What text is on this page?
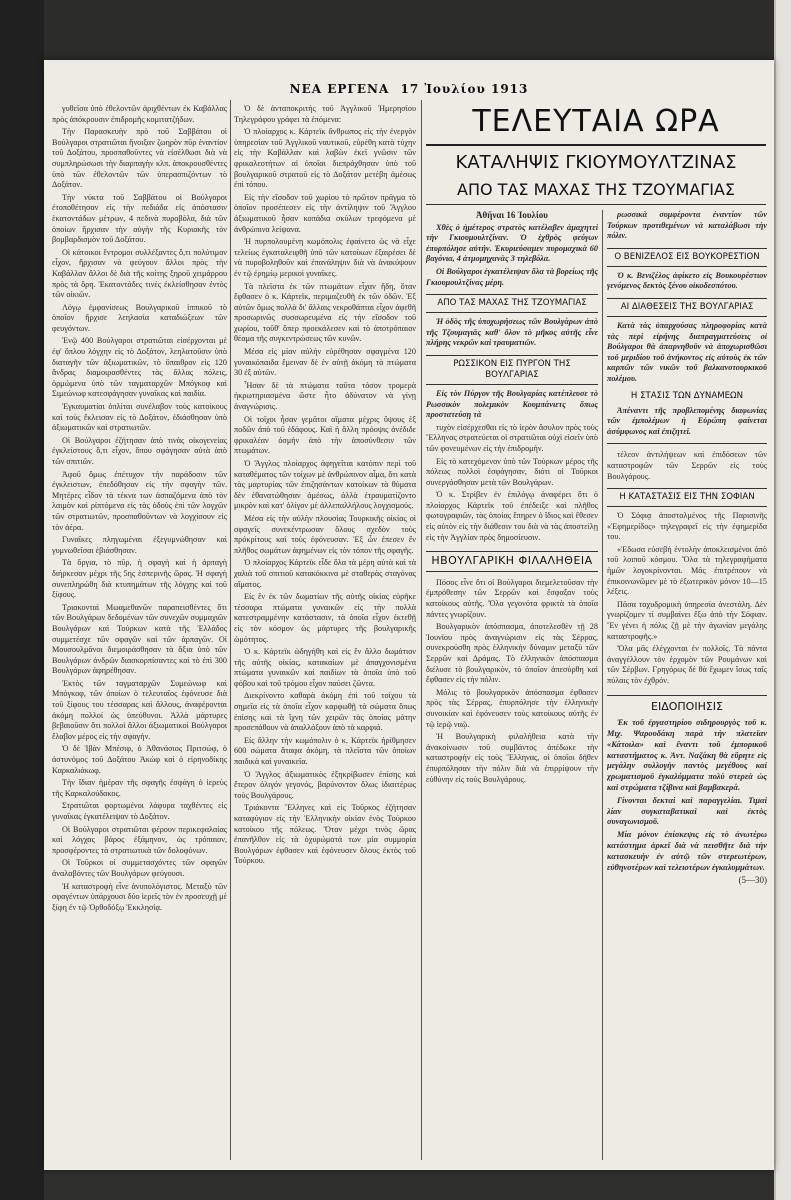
ΝΕΑ ΕΡΓΕΝΑ 17 Ἰουλίου 1913

γυθεῖσα ὑπὸ ἐθελοντῶν ἀριχθέντων ἐκ Καβάλλας πρὸς ἀπόκρουσιν ἐπιδρομῆς κομιτατζήδων.

Τὴν Παρασκευὴν πρὸ τοῦ Σαββάτου οἱ Βούλγαροι στρατιῶται ἤνοιξαν ζωηρὸν πῦρ ἐναντίον τοῦ Δοξάτου, προσπαθοῦντες νὰ εἰσέλθωσι διὰ νὰ συμπληρώσωσι τὴν διαρπαγὴν κλπ. ἀποκρουσθέντες ὑπὸ τῶν ἐθελοντῶν τῶν ὑπερασπιζόντων τὸ Δοξάτον.

Τὴν νύκτα τοῦ Σαββάτου οἱ Βούλγαροι ἐτοποθέτησαν εἰς τὴν πεδιάδα εἰς ἀπόστασιν ἑκατοντάδων μέτρων, 4 πεδινὰ πυροβόλα, διὰ τῶν ὁποίων ἤρχισαν τὴν αὐγὴν τῆς Κυριακῆς τὸν βομβαρδισμὸν τοῦ Δοξάτου.

Οἱ κάτοικοι ἔντρομοι συλλέξαντες ὅ,τι πολύτιμον εἶχον, ἤρχισαν νὰ φεύγουν ἄλλοι πρὸς τὴν Καβάλλαν ἄλλοι δὲ διὰ τῆς κοίτης ξηροῦ χειμάρρου πρὸς τὰ ὄρη. Ἑκατοντάδες τινὲς ἐκλείσθησαν ἐντὸς τῶν οἰκιῶν.

Λόγῳ ἐμφανίσεως Βουλγαρικοῦ ἱππικοῦ τὸ ὁποῖον ἤρχισε λεηλασία καταδιώξεων τῶν φευγόντων.

Ἐνῷ 400 Βούλγαροι στρατιῶται εἰσέρχονται μὲ ἐφ' ὅπλου λόγχην εἰς τὸ Δοξάτον, λεηλατοῦσιν ὑπὸ διαταγῆν τῶν ἀξιωματικῶν, τὸ ὕπαιθρον εἰς 120 ἄνδρας διαμοιρασθέντες τὰς ἄλλας πόλεις, ὁρμώμενα ὑπὸ τῶν ταγματαρχῶν Μπόγκοφ καὶ Σιμεώνωφ κατεσφάγησαν γυναῖκας καὶ παιδία.

Ἐγκαυματίαι ὁπλίται συνέλαβον τοὺς κατοίκους καὶ τοὺς ἔκλεισαν εἰς τὸ Δοξάτον, ἐδιάσθησαν ὑπὸ ἀξιωματικῶν καὶ στρατιωτῶν.

Οἱ Βούλγαροι ἐζήτησαν ἀπὸ τινὰς οἰκογενείας ἐγκλείστους ὅ,τι εἶχον, ὅπου σφάγησαν αὐτὰ ἀπὸ τῶν σπιτιῶν.

Ἀφοῦ ὅμως ἐπέτυχον τὴν παράδοσιν τῶν ἐγκλειστων, ἐπεδόθησαν εἰς τὴν σφαγὴν τῶν. Μητέρες εἶδον τὰ τέκνα των ἀσπαζόμενα ἀπὸ τὸν λαιμὸν καὶ ρίπτόμενα εἰς τὰς ὁδοὺς ἐπὶ τῶν λογχῶν τῶν στρατιωτῶν, προσπαθοῦντων νὰ λογχίσουν εἰς τὸν ἀέρα.

Γυναῖκες πληγωμέναι ἐξεγυμνώθησαν καὶ γυμνωθεῖσαι ἐβιάσθησαν.

Τὰ ὄργια, τὸ πῦρ, ἡ σφαγὴ καὶ ἡ ἁρπαγὴ διήρκεσαν μέχρι τῆς 5ης ἑσπερινῆς ὥρας. Ἡ σφαγὴ συνεπληρώθη διὰ κτυπημάτων τῆς λόγχης καὶ τοῦ ξίφους.

Τριακονταὶ Μωαμεθανῶν παραπεισθέντες ὅτι τῶν Βουλγάρων δεδομένων τῶν συνεχῶν συμμαχιῶν Βουλγάρων καὶ Τούρκων κατὰ τῆς Ἑλλάδος συμμετέσχε τῶν σφαγῶν καὶ τῶν ἁρπαγῶν. Οἱ Μουσουλμᾶνοι διεμοιράσθησαν τὰ ἄξια ὑπὸ τῶν Βουλγάρων ἀνδρῶν διασκορπίσαντες καὶ τὸ ἐπὶ 300 Βουλγάρων ἀφηρέθησαν.

Ἐκτὸς τῶν ταγματαρχῶν Συμεώνωφ καὶ Μπόγκοφ, τῶν ὁποίων ὁ τελευταῖος ἐφόνευσε διὰ τοῦ ξίφους του τέσσαρας καὶ ἄλλους, ἀναφέρονται ἀκόμη πολλοί ὡς ὑπεύθυνοι. Ἀλλὰ μάρτυρες βεβαιοῦσιν ὅτι πολλοὶ ἄλλοι ἀξιωματικοὶ Βούλγαροι ἔλαβον μέρος εἰς τὴν σφαγήν.

Ὁ δὲ Ἰβὰν Μπέσιφ, ὁ Ἀθανάσιος Πριτσώφ, ὁ ἀστυνόμος τοῦ Δοξάτου Ἀκώφ καὶ ὁ εἰρηνοδίκης Καρκαλιάκωφ.

Τὴν ἴδιαν ἡμέραν τῆς σφαγῆς ἐσφάγη ὁ ἱερεὺς τῆς Καρκαλούδακος.

Στρατιῶται φορτωμένοι λάφυρα ταχθέντες εἰς γυναῖκας ἐγκατέλειψαν τὸ Δοξάτον.

Οἱ Βούλγαροι στρατιῶται φέρουν περικεφαλαίας καὶ λόγχας βάρος ἐξάμηνον, ὡς τρόπαιον, προσφέροντες τὰ στρατιωτικὰ τῶν δολοφόνων.

Οἱ Τοῦρκοι οἱ συμμετασχόντες τῶν σφαγῶν ἀναλαβόντες τῶν Βουλγάρων φεύγουσι.

Ἡ καταστροφὴ εἶνε ἀνυπολόγιστος. Μεταξὺ τῶν σφαγέντων ὑπάρχουσι δύο ἱερεῖς τὸν ἐν προσευχῇ μὲ ξίφη ἐν τῷ Ὀρθοδόξῳ Ἐκκλησίᾳ.

Ὁ δὲ ἀνταποκριτὴς τοῦ Ἀγγλικοῦ Ἡμερησίου Τηλεγράφου γράφει τὰ ἑπόμενα:

Ὁ πλοίαρχος κ. Κάρτεϊκ ἄνθρωπος εἰς τὴν ἐνεργὸν ὑπηρεσίαν τοῦ Ἀγγλικοῦ ναυτικοῦ, εὑρέθη κατὰ τύχην εἰς τὴν Καβάλλαν καὶ λαβὼν ἐκεῖ γνῶσιν τῶν φρικαλεοτήτων αἱ ὁποῖαι διεπράχθησαν ὑπὸ τοῦ βουλγαρικοῦ στρατοῦ εἰς τὸ Δοξάτον μετέβη ἀμέσως ἐπὶ τόπου.

Εἰς τὴν εἴσοδον τοῦ χωρίου τὸ πρῶτον πρᾶγμα τὸ ὁποῖον προσέπεσεν εἰς τὴν ἀντίληψιν τοῦ Ἄγγλου ἀξιωματικοῦ ἦσαν κοπάδια σκύλων τρεφόμενα μὲ ἀνθρώπινα λείψανα.

Ἡ πυρπολουμένη κωμόπολις ἐφαίνετο ὡς νὰ εἶχε τελείως ἐγκαταλειφθῆ ὑπὸ τῶν κατοίκων ἐξαιρέσει δὲ νὰ πυροβοληθοῦν καὶ ἐπανάληψιν διὰ νὰ ἀνακύψουν ἐν τῷ ἐρημίῳ μερικοὶ γυναῖκες.

Τὰ πλεῖστα ἐκ τῶν πτωμάτων εἶχαν ἤδη, ὅταν ἔφθασεν ὁ κ. Κάρτεϊκ, περιμαζευθῆ ἐκ τῶν ὁδῶν. Ἐξ αὐτῶν ὅμως πολλὰ δι' ἄλλαις νεκροθάπται εἶχον ἀφεθῆ προσωρινῶς συσσωρευμένα εἰς τὴν εἴσοδον τοῦ χωρίου, τοῦθ' ὅπερ προεκάλεσεν καὶ τὸ ἀποτρόπαιον θέαμα τῆς συγκεντρώσεως τῶν κυνῶν.

Μέσα εἰς μίαν αὐλὴν εὑρέθησαν σφαγμένα 120 γυναικόπαιδα ἔμειναν δὲ ἐν αὐτῇ ἀκόμη τὰ πτώματα 30 ἐξ αὐτῶν.

Ἦσαν δὲ τὰ πτώματα ταῦτα τόσον τρομερὰ ἠκρωτηριασμένα ὥστε ἦτο ἀδύνατον νὰ γίνῃ ἀναγνώρισις.

Οἱ τοῖχοι ἦσαν γεμᾶτοι αἵματα μέχρις ὕψους ἑξ ποδῶν ἀπὸ τοῦ ἐδάφους. Καὶ ἡ ἄλλη πρόοψις ἀνέδιδε φρικαλέαν ὀσμὴν ἀπὸ τὴν ἀποσύνθεσιν τῶν πτωμάτων.

Ὁ Ἄγγλος πλοίαρχος ἀφηγεῖται κατόπιν περὶ τοῦ καταθέματος τῶν τοίχων μὲ ἀνθρώπινον αἷμα, ὅτι κατὰ τὰς μαρτυρίας τῶν ἐπιζησάντων κατοίκων τὰ θύματα δὲν ἐθανατώθησαν ἀμέσως, ἀλλὰ ἐτραυματίζοντο μικρὸν καὶ κατ' ὀλίγον μὲ ἀλλεπαλλήλους λογχισμούς.

Μέσα εἰς τὴν αὐλὴν πλουσίας Τουρκικῆς οἰκίας οἱ σφαγεῖς συνεκέντρωσαν ὅλους σχεδὸν τοὺς πρόκρίτους καὶ τοὺς ἐφόνευσαν. Ἐξ ὧν ἐπεσεν ἕν πλῆθος σωμάτων ἀφημένων εἰς τὸν τόπον τῆς σφαγῆς.

Ὁ πλοίαρχος Κάρτεϊκ εἶδε ὅλα τὰ μέρη αὐτὰ καὶ τὰ χαλιὰ τοῦ σπιτιοῦ κατακόκκινα μὲ σταθερὰς σταγόνας αἵματος.

Εἰς ἓν ἐκ τῶν δωματίων τῆς αὐτῆς οἰκίας εὑρῆκε τέσσαρα πτώματα γυναικῶν εἰς τὴν πολλὰ κατεστραμμένην κατάστασιν, τὰ ὁποῖα εἶχον ἐκτεθῇ εἰς τὸν κόσμον ὡς μάρτυρες τῆς βουλγαρικῆς ὠμότητος.

Ὁ κ. Κάρτεϊκ ὡδηγήθη καὶ εἰς ἓν ἄλλο δωμάτιον τῆς αὐτῆς οἰκίας, κατακαίων μὲ ἀπαγχονισμένα πτώματα γυναικῶν καὶ παιδίων τὰ ὁποῖα ὑπὸ τοῦ φόβου καὶ τοῦ τρόμου εἶχον παύσει ζῶντα.

Διεκρίνοντο καθαρὰ ἀκόμη ἐπὶ τοῦ τοίχου τὰ σημεῖα εἰς τὰ ὁποῖα εἶχον καρφωθῇ τὰ σώματα ὅπως ἐπίσης καὶ τὰ ἴχνη τῶν χειρῶν τὰς ὁποίας μάτην προσεπάθουν νὰ ἀπαλλάξουν ἀπὸ τὰ καρφιά.

Εἰς ἄλλην τὴν κωμόπολιν ὁ κ. Κάρτεϊκ ἠρίθμησεν 600 σώματα ἄταφα ἀκόμη, τὰ πλεῖστα τῶν ὁποίων παιδικὰ καὶ γυναικεῖα.

Ὁ Ἄγγλος ἀξιωματικὸς ἐξηκρίβωσεν ἐπίσης καὶ ἕτερον ὀλιγόν γεγονός, βαρύνοντον ὅλως ἰδιαιτέρως τοὺς Βουλγάρους.

Τριάκοντα Ἕλληνες καὶ εἰς Τοῦρκος ἐζήτησαν καταφύγιον εἰς τὴν Ἑλληνικὴν οἰκίαν ἑνὸς Τούρκου κατοίκου τῆς πόλεως. Ὅταν μέχρι τινὸς ὥρας ἐπανῆλθον εἰς τὰ ὀχυρώματά των μία συμμορία Βουλγάρων ἐφθασεν καὶ ἐφόνευσεν ὅλους ἐκτὸς τοῦ Τούρκου.

ΤΕΛΕΥΤΑΙΑ ΩΡΑ
ΚΑΤΑΛΗΨΙΣ ΓΚΙΟΥΜΟΥΛΤΖΙΝΑΣ
ΑΠΟ ΤΑΣ ΜΑΧΑΣ ΤΗΣ ΤΖΟΥΜΑΓΙΑΣ

Ἀθῆναι 16 Ἰουλίου

Χθὲς ὁ ἡμέτερος στρατὸς κατέλαβεν ἀμαχητεὶ τὴν Γκιουμουλτζίναν. Ὁ ἐχθρὸς φεύγων ἐπυρπόλησε αὐτήν. Ἐκυριεύσαμεν πυρομαχικὰ 60 βαγόνια, 4 ἀτμομηχανὰς 3 τηλεβόλα.

Οἱ Βούλγαροι ἐγκατέλειψαν ὅλα τὰ βορείως τῆς Γκιουμουλτζίνας μέρη.

ΑΠΟ ΤΑΣ ΜΑΧΑΣ ΤΗΣ ΤΖΟΥΜΑΓΙΑΣ

Ἡ ὁδὸς τῆς ὑποχωρήσεως τῶν Βουλγάρων ἀπὸ τῆς Τζουμαγιᾶς καθ' ὅλον τὸ μῆκος αὐτῆς εἶνε πλήρης νεκρῶν καὶ τραυματιῶν.

ΡΩΣΣΙΚΟΝ ΕΙΣ ΠΥΡΓΟΝ ΤΗΣ ΒΟΥΛΓΑΡΙΑΣ

Εἰς τὸν Πύργον τῆς Βουλγαρίας κατέπλευσε τὸ Ρωσσικὸν πολεμικὸν Κουμπάνιετς ὅπως προστατεύσῃ τὰ

τυχὸν εἰσέρχεσθαι εἰς τὸ ἱερὸν ἄσυλον πρὸς τοὺς Ἕλληνας στρατεύεται οἱ στρατιῶται οὐχὶ εἰσεῖν ὑπὸ τῶν φονευμένων εἰς τὴν ἐπιδρομήν.

Εἰς τὸ κατεχόμενον ὑπὸ τῶν Τούρκων μέρος τῆς πόλεως πολλοὶ ἐσφάγησαν, διότι οἱ Τοῦρκοι συνεργάσθησαν μετὰ τῶν Βουλγάρων.

Ὁ κ. Στρίβεν ἐν ἐπιλόγῳ ἀναφέρει ὅτι ὁ πλοίαρχος Κάρτεϊκ τοῦ ἐπέδειξε καὶ πλῆθος φωτογραφιῶν, τὰς ὁποίας ἔπηρεν ὁ ἴδιος καὶ ἔθεσεν εἰς αὐτὸν εἰς τὴν διάθεσιν του διὰ νὰ τὰς ἀποστείλῃ εἰς τὴν Ἀγγλίαν πρὸς δημοσίευσιν.

ΗΒΟΥΛΓΑΡΙΚΗ ΦΙΛΑΛΗΘΕΙΑ

Πόσος εἶνε ὅτι οἱ Βούλγαροι διεμελετοῦσαν τὴν ἐμπρόθεσην τῶν Σερρῶν καὶ ἔσφαξαν τοὺς κατοίκους αὐτῆς. Ὅλα γεγονότα φρικτὰ τὰ ὁποῖα πάντες γνωρίζουν.

Βουλγαρικὸν ἀπόσπασμα, ἀποτελεσθὲν τῇ 28 Ἰουνίου πρὸς ἀναγνώρισιν εἰς τὰς Σέρρας, συνεκρούσθη πρὸς ἑλληνικὴν δύναμιν μεταξὺ τῶν Σερρῶν καὶ Δράμας. Τὸ ἑλληνικὸν ἀπόσπασμα διέλυσε τὸ βουλγαρικὸν, τὸ ὁποῖον ἀπεσύρθη καὶ ἔφθασεν εἰς τὴν πόλιν.

Μόλις τὸ βουλγαρικὸν ἀπόσπασμα ἐφθασεν πρὸς τὰς Σέρρας, ἐπυρπόλησε τὴν ἑλληνικὴν συνοικίαν καὶ ἐφόνευσεν τοὺς κατοίκους αὐτῆς ἐν τῷ ἱερῷ ναῷ.

Ἡ Βουλγαρικὴ φιλαλήθεια κατὰ τὴν ἀνακοίνωσιν τοῦ συμβάντος ἀπέδωκε τὴν καταστροφὴν εἰς τοὺς Ἕλληνας, οἱ ὁποῖοι δῆθεν ἐπυρπόλησαν τὴν πόλιν διὰ νὰ ἐπιρρίψουν τὴν εὐθύνην εἰς τοὺς Βουλγάρους.

ρωσσικὰ συμφέροντα ἐναντίον τῶν Τούρκων προτιθεμένων νὰ καταλάβωσι τὴν πόλιν.

Ο ΒΕΝΙΖΕΛΟΣ ΕΙΣ ΒΟΥΚΟΡΕΣΤΙΟΝ

Ὁ κ. Βενιζέλος ἀφίκετο εἰς Βουκουρέστιον γενόμενος δεκτὸς ξένου οἰκοδεσπότου.

ΑΙ ΔΙΑΘΕΣΕΙΣ ΤΗΣ ΒΟΥΛΓΑΡΙΑΣ

Κατὰ τὰς ὑπαρχούσας πληροφορίας κατὰ τὰς περὶ εἰρήνης διαπραγματεύσεις οἱ Βούλγαροι θὰ ἀπαρνηθοῦν νὰ ἀποχωρισθῶσι τοῦ μεριδίου τοῦ ἀνήκοντος εἰς αὐτοὺς ἐκ τῶν καρπῶν τῶν νικῶν τοῦ βαλκανοτουρκικοῦ πολέμου.

Η ΣΤΑΣΙΣ ΤΩΝ ΔΥΝΑΜΕΩΝ

Ἀπέναντι τῆς προβλεπομένης διαφωνίας τῶν ἐμπολέμων ἡ Εὐρώπη φαίνεται ἀσύμφωνος καὶ ἐπιζητεῖ.

τέλεον ἀντιλήψεων καὶ ἐπιδόσεων τῶν καταστροφῶν τῶν Σερρῶν εἰς τοὺς Βουλγάρους.

Η ΚΑΤΑΣΤΑΣΙΣ ΕΙΣ ΤΗΝ ΣΟΦΙΑΝ

Ὁ Σόφιᾳ ἀποσταλμένος τῆς Παρισινῆς «Ἐφημερίδος» τηλεγραφεῖ εἰς τὴν ἐφημερίδα του.

«Ἐδωσα εὐσεβὴ ἐντολὴν ἀποκλεισμένοι ἀπὸ τοῦ λοιποῦ κόσμου. Ὅλα τὰ τηλεγραφήματα ἡμῶν λογοκρίνονται. Μᾶς ἐπιτρέπουν νὰ ἐπικοινωνῶμεν μὲ τὸ ἐξωτερικὸν μόνον 10—15 λέξεις.

Πᾶσα ταχυδρομικὴ ὑπηρεσία ἀνεστάλη. Δὲν γνωρίζομεν τί συμβαίνει ἔξω ἀπὸ τὴν Σόφιαν. Ἔν γένει ἡ πόλις ζῇ μὲ τὴν ἀγωνίαν μεγάλης καταστροφῆς.»

Ὅλα μᾶς ἐλέγχονται ἐν πολλοῖς. Τὰ πάντα ἀναγγέλλουν τὸν ἐρχομὸν τῶν Ρουμάνων καὶ τῶν Σέρβων. Γρηγόρως δὲ θὰ ἔχωμεν ἴσως ταῖς πύλαις τὸν ἐχθρόν.

ΕΙΔΟΠΟΙΗΣΙΣ

Ἐκ τοῦ ἐργαστηρίου σιδηρουργὸς τοῦ κ. Μιχ. Ψαρουδάκη παρὰ τὴν πλατεῖαν «Κάτοιλα» καὶ ἔναντι τοῦ ἐμπορικοῦ καταστήματος κ. Ἀντ. Ναζάκη θὰ εὕρητε εἰς μεγάλην συλλογὴν παντὸς μεγέθους καὶ χρωματισμοῦ ἐγκαλύμματα πολὺ στερεὰ ὡς καὶ στρώματα τζίβινα καὶ βαμβακερά.

Γίνονται δεκταὶ καὶ παραγγελίαι. Τιμαὶ λίαν συγκαταβατικαὶ καὶ ἐκτὸς συναγωνισμοῦ.

Μία μόνον ἐπίσκεψις εἰς τὸ ἀνωτέρω κατάστημα ἀρκεῖ διὰ νὰ πεισθῆτε διὰ τὴν κατασκευὴν ἐν αὐτῷ τῶν στερεωτέρων, εὐθηνοτέρων καὶ τελειοτέρων ἐγκαλυμμάτων.

(5—30)
